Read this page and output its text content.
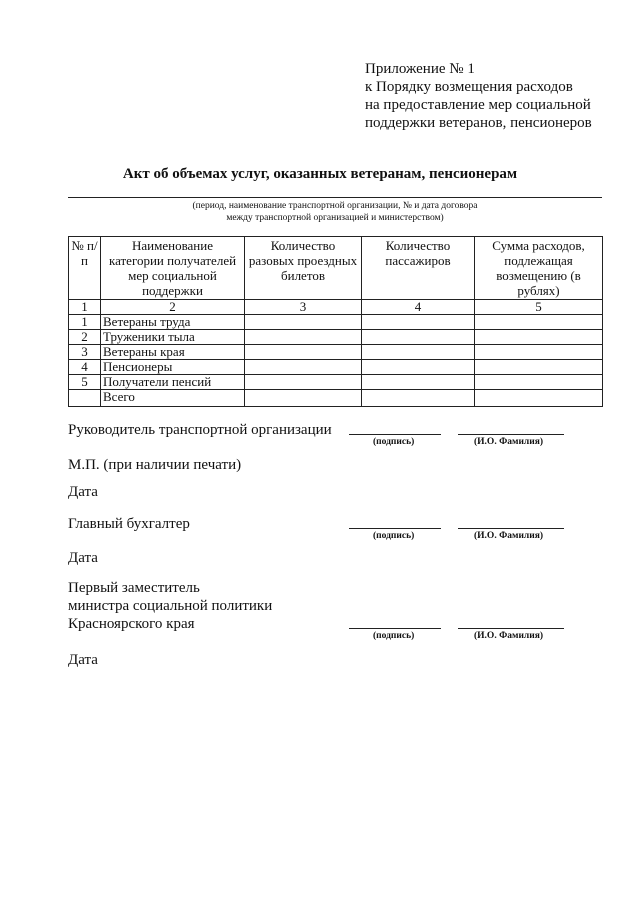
Приложение № 1
к Порядку возмещения расходов
на предоставление мер социальной
поддержки ветеранов, пенсионеров
Акт об объемах услуг, оказанных ветеранам, пенсионерам
(период, наименование транспортной организации, № и дата договора
между транспортной организацией и министерством)
№ п/п	Наименование категории получателей мер социальной поддержки	Количество разовых проездных билетов	Количество пассажиров	Сумма расходов, подлежащая возмещению (в рублях)
1	2	3	4	5
1	Ветераны труда			
2	Труженики тыла			
3	Ветераны края			
4	Пенсионеры			
5	Получатели пенсий			
	Всего			
Руководитель транспортной организации
(подпись)	(И.О. Фамилия)
М.П. (при наличии печати)
Дата
Главный бухгалтер
(подпись)	(И.О. Фамилия)
Дата
Первый заместитель
министра социальной политики
Красноярского края
(подпись)	(И.О. Фамилия)
Дата
